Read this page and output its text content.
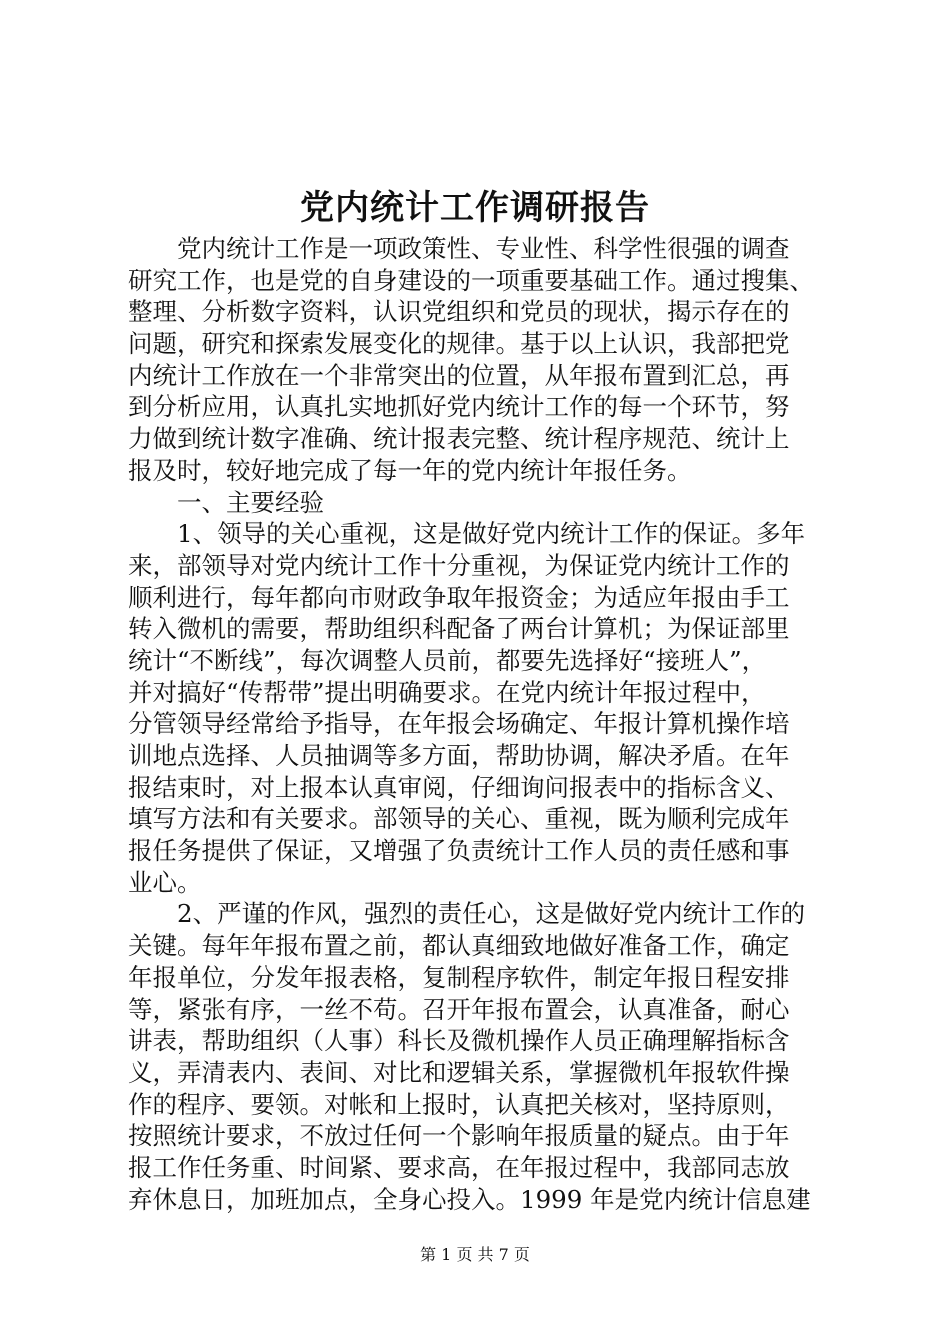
党内统计工作调研报告
　　党内统计工作是一项政策性、专业性、科学性很强的调查
研究工作，也是党的自身建设的一项重要基础工作。通过搜集、
整理、分析数字资料，认识党组织和党员的现状，揭示存在的
问题，研究和探索发展变化的规律。基于以上认识，我部把党
内统计工作放在一个非常突出的位置，从年报布置到汇总，再
到分析应用，认真扎实地抓好党内统计工作的每一个环节，努
力做到统计数字准确、统计报表完整、统计程序规范、统计上
报及时，较好地完成了每一年的党内统计年报任务。
　　一、主要经验
　　1、领导的关心重视，这是做好党内统计工作的保证。多年
来，部领导对党内统计工作十分重视，为保证党内统计工作的
顺利进行，每年都向市财政争取年报资金；为适应年报由手工
转入微机的需要，帮助组织科配备了两台计算机；为保证部里
统计“不断线”，每次调整人员前，都要先选择好“接班人”，
并对搞好“传帮带”提出明确要求。在党内统计年报过程中，
分管领导经常给予指导，在年报会场确定、年报计算机操作培
训地点选择、人员抽调等多方面，帮助协调，解决矛盾。在年
报结束时，对上报本认真审阅，仔细询问报表中的指标含义、
填写方法和有关要求。部领导的关心、重视，既为顺利完成年
报任务提供了保证，又增强了负责统计工作人员的责任感和事
业心。
　　2、严谨的作风，强烈的责任心，这是做好党内统计工作的
关键。每年年报布置之前，都认真细致地做好准备工作，确定
年报单位，分发年报表格，复制程序软件，制定年报日程安排
等，紧张有序，一丝不苟。召开年报布置会，认真准备，耐心
讲表，帮助组织（人事）科长及微机操作人员正确理解指标含
义，弄清表内、表间、对比和逻辑关系，掌握微机年报软件操
作的程序、要领。对帐和上报时，认真把关核对，坚持原则，
按照统计要求，不放过任何一个影响年报质量的疑点。由于年
报工作任务重、时间紧、要求高，在年报过程中，我部同志放
弃休息日，加班加点，全身心投入。1999 年是党内统计信息建
第 1 页 共 7 页
